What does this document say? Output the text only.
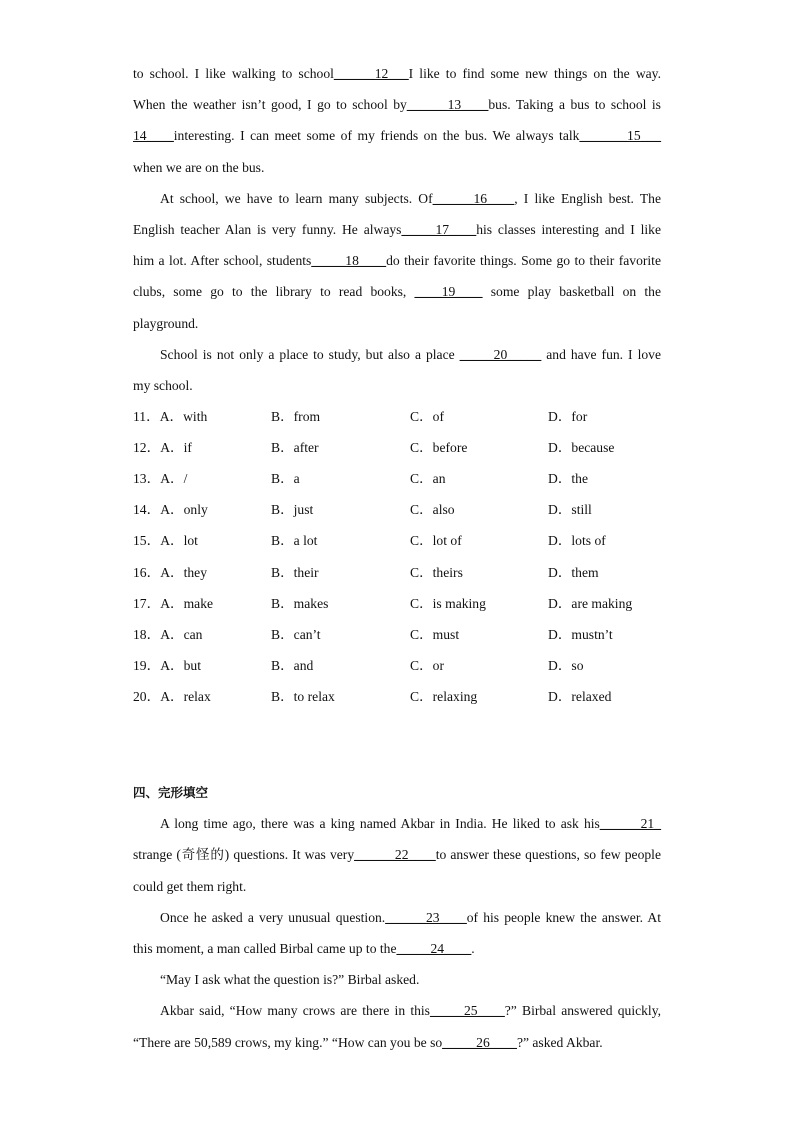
to school. I like walking to school______12___I like to find some new things on the way.
When the weather isn’t good, I go to school by______13____bus. Taking a bus to school is
14____interesting. I can meet some of my friends on the bus. We always talk_______15___
when we are on the bus.
At school, we have to learn many subjects. Of______16____, I like English best. The
English teacher Alan is very funny. He always_____17____his classes interesting and I like
him a lot. After school, students_____18____do their favorite things. Some go to their favorite
clubs, some go to the library to read books, ____19____ some play basketball on the
playground.
School is not only a place to study, but also a place _____20_____ and have fun. I love
my school.
11．A．with	B．from	C．of	D．for
12．A．if	B．after	C．before	D．because
13．A．/	B．a	C．an	D．the
14．A．only	B．just	C．also	D．still
15．A．lot	B．a lot	C．lot of	D．lots of
16．A．they	B．their	C．theirs	D．them
17．A．make	B．makes	C．is making	D．are making
18．A．can	B．can’t	C．must	D．mustn’t
19．A．but	B．and	C．or	D．so
20．A．relax	B．to relax	C．relaxing	D．relaxed
四、完形填空
A long time ago, there was a king named Akbar in India. He liked to ask his______21_
strange (奇怪的) questions. It was very______22____to answer these questions, so few people
could get them right.
Once he asked a very unusual question.______23____of his people knew the answer. At
this moment, a man called Birbal came up to the_____24____.
“May I ask what the question is?” Birbal asked.
Akbar said, “How many crows are there in this_____25____?” Birbal answered quickly,
“There are 50,589 crows, my king.” “How can you be so_____26____?” asked Akbar.
